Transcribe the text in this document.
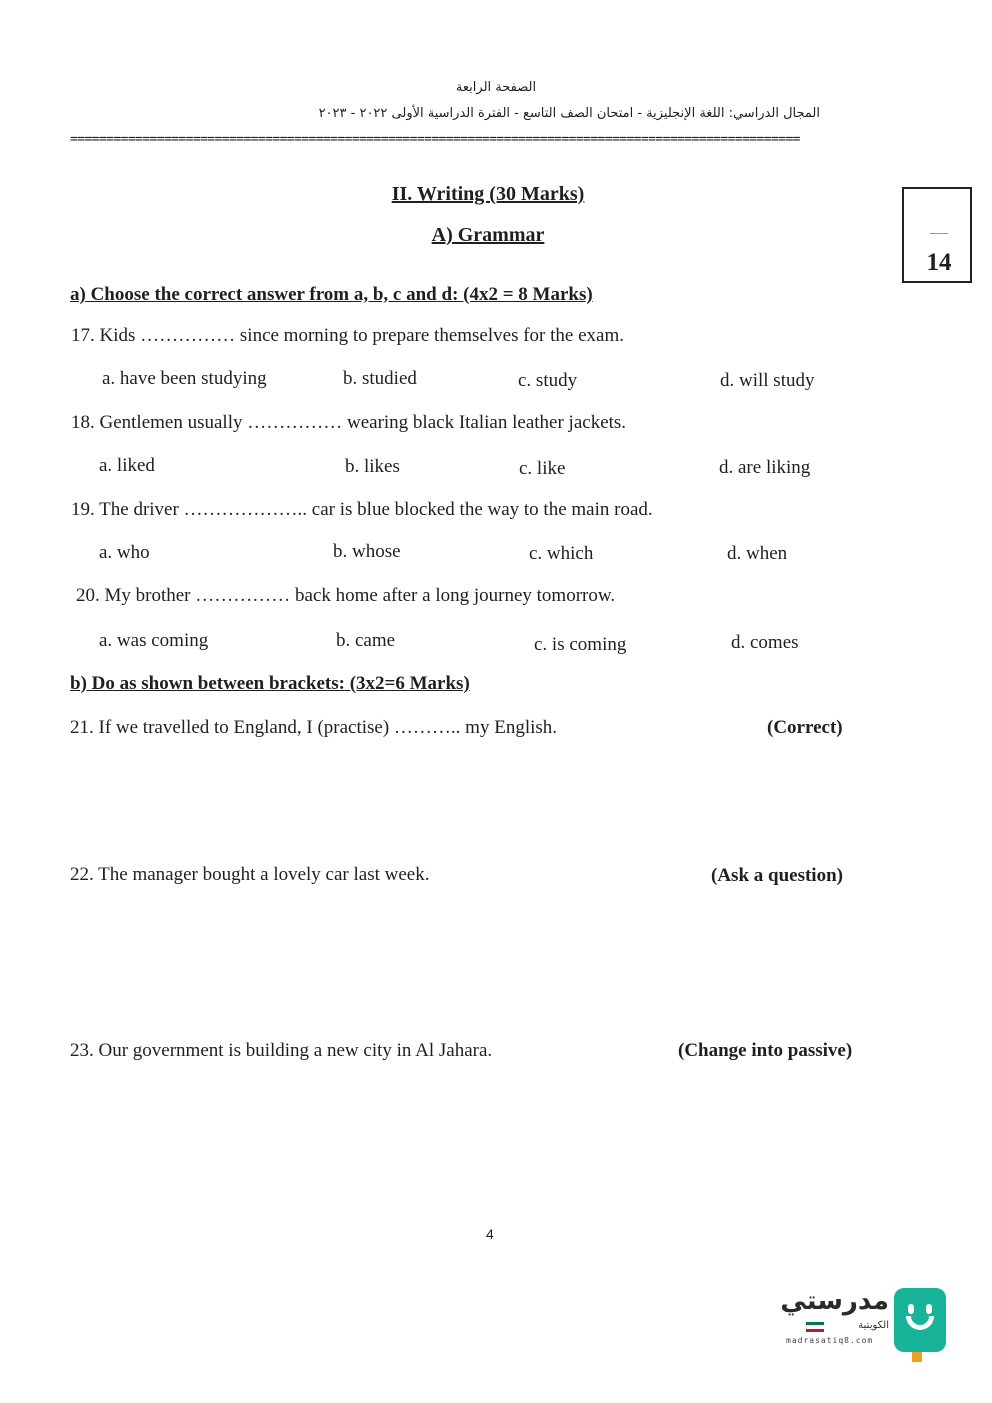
الصفحة الرابعة
المجال الدراسي: اللغة الإنجليزية - امتحان الصف التاسع - الفترة الدراسية الأولى ٢٠٢٢ - ٢٠٢٣
=====================================================================================================
II. Writing (30 Marks)
A) Grammar
14
a) Choose the correct answer from a, b, c and d: (4x2 = 8 Marks)
17. Kids …………… since morning to prepare themselves for the exam.
a. have been studying	b. studied	c. study	d. will study
18. Gentlemen usually …………… wearing black Italian leather jackets.
a. liked	b. likes	c. like	d. are liking
19. The driver ……………….. car is blue blocked the way to the main road.
a. who	b. whose	c. which	d. when
20. My brother …………… back home after a long journey tomorrow.
a. was coming	b. came	c. is coming	d. comes
b) Do as shown between brackets: (3x2=6 Marks)
21. If we travelled to England, I (practise) ……….. my English.	(Correct)
22. The manager bought a lovely car last week.	(Ask a question)
23. Our government is building a new city in Al Jahara.	(Change into passive)
4
مدرستي
الكويتية
madrasatiq8.com
